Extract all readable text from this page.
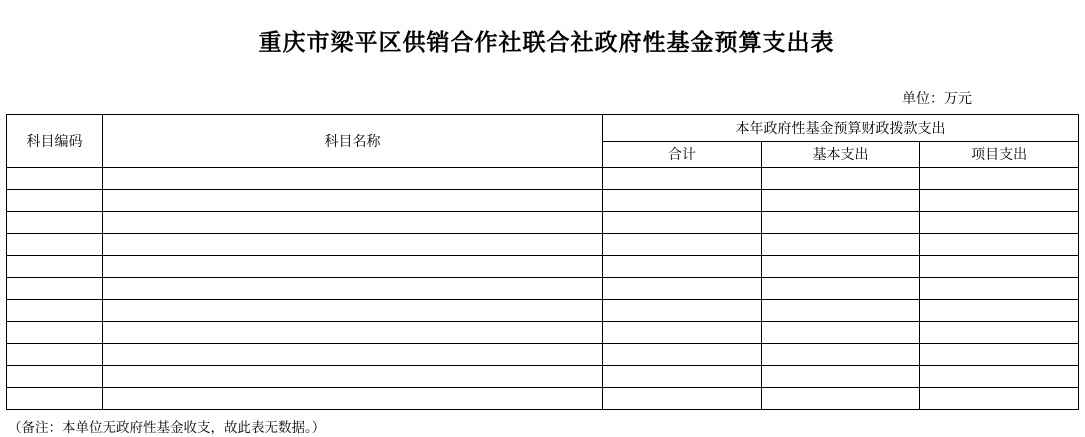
重庆市梁平区供销合作社联合社政府性基金预算支出表
单位：万元
科目编码	科目名称	本年政府性基金预算财政拨款支出		
		合计	基本支出	项目支出

（备注：本单位无政府性基金收支，故此表无数据。）
